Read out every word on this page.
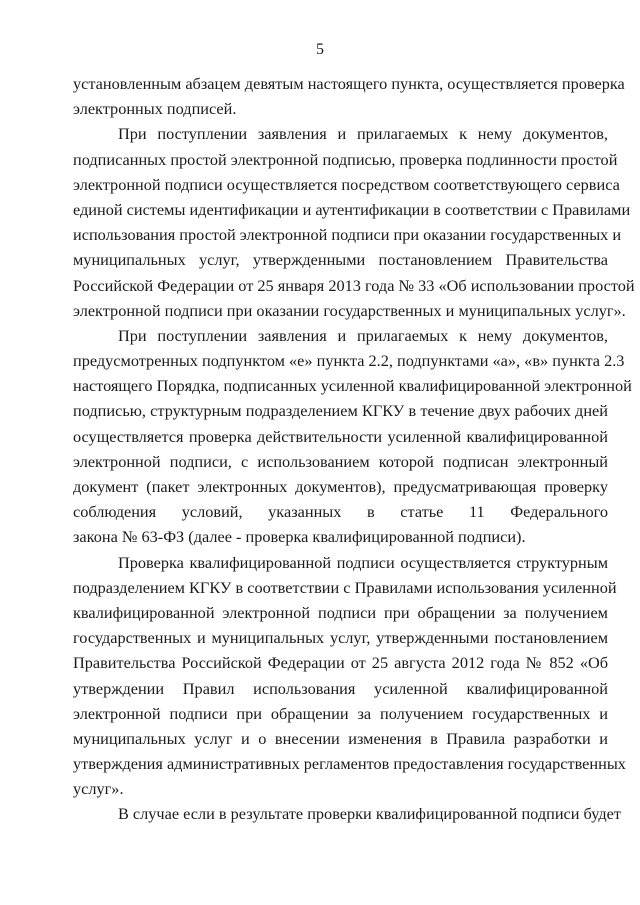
5
установленным абзацем девятым настоящего пункта, осуществляется проверка
электронных подписей.
При поступлении заявления и прилагаемых к нему документов,
подписанных простой электронной подписью, проверка подлинности простой
электронной подписи осуществляется посредством соответствующего сервиса
единой системы идентификации и аутентификации в соответствии с Правилами
использования простой электронной подписи при оказании государственных и
муниципальных услуг, утвержденными постановлением Правительства
Российской Федерации от 25 января 2013 года № 33 «Об использовании простой
электронной подписи при оказании государственных и муниципальных услуг».
При поступлении заявления и прилагаемых к нему документов,
предусмотренных подпунктом «е» пункта 2.2, подпунктами «а», «в» пункта 2.3
настоящего Порядка, подписанных усиленной квалифицированной электронной
подписью, структурным подразделением КГКУ в течение двух рабочих дней
осуществляется проверка действительности усиленной квалифицированной
электронной подписи, с использованием которой подписан электронный
документ (пакет электронных документов), предусматривающая проверку
соблюдения условий, указанных в статье 11 Федерального
закона № 63-ФЗ (далее - проверка квалифицированной подписи).
Проверка квалифицированной подписи осуществляется структурным
подразделением КГКУ в соответствии с Правилами использования усиленной
квалифицированной электронной подписи при обращении за получением
государственных и муниципальных услуг, утвержденными постановлением
Правительства Российской Федерации от 25 августа 2012 года № 852 «Об
утверждении Правил использования усиленной квалифицированной
электронной подписи при обращении за получением государственных и
муниципальных услуг и о внесении изменения в Правила разработки и
утверждения административных регламентов предоставления государственных
услуг».
В случае если в результате проверки квалифицированной подписи будет
